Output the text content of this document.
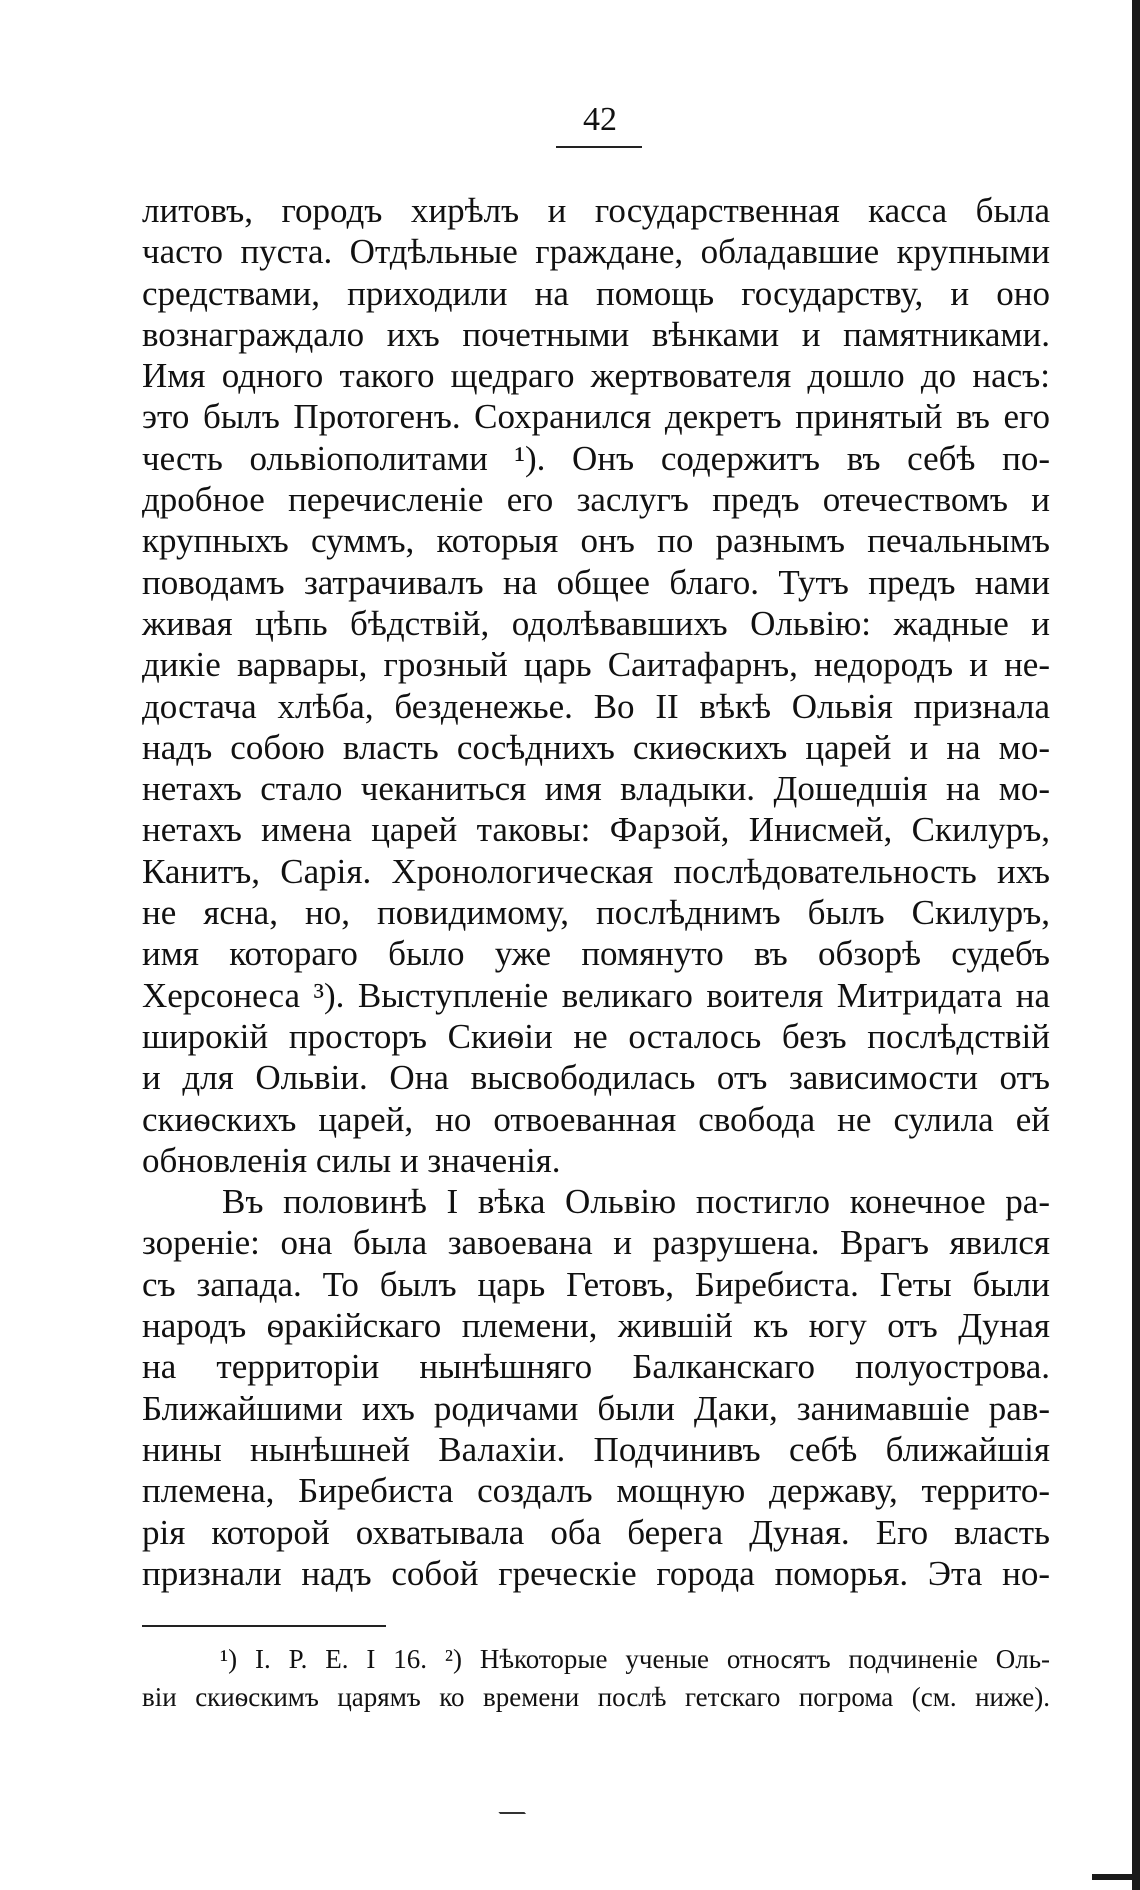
42
литовъ, городъ хирѣлъ и государственная касса была
часто пуста. Отдѣльные граждане, обладавшие крупными
средствами, приходили на помощь государству, и оно
вознаграждало ихъ почетными вѣнками и памятниками.
Имя одного такого щедраго жертвователя дошло до насъ:
это былъ Протогенъ. Сохранился декретъ принятый въ его
честь ольвіополитами ¹). Онъ содержитъ въ себѣ по-
дробное перечисленіе его заслугъ предъ отечествомъ и
крупныхъ суммъ, которыя онъ по разнымъ печальнымъ
поводамъ затрачивалъ на общее благо. Тутъ предъ нами
живая цѣпь бѣдствій, одолѣвавшихъ Ольвію: жадные и
дикіе варвары, грозный царь Саитафарнъ, недородъ и не-
достача хлѣба, безденежье. Во II вѣкѣ Ольвія признала
надъ собою власть сосѣднихъ скиѳскихъ царей и на мо-
нетахъ стало чеканиться имя владыки. Дошедшія на мо-
нетахъ имена царей таковы: Фарзой, Инисмей, Скилуръ,
Канитъ, Сарія. Хронологическая послѣдовательность ихъ
не ясна, но, повидимому, послѣднимъ былъ Скилуръ,
имя котораго было уже помянуто въ обзорѣ судебъ
Херсонеса ³). Выступленіе великаго воителя Митридата на
широкій просторъ Скиѳіи не осталось безъ послѣдствій
и для Ольвіи. Она высвободилась отъ зависимости отъ
скиѳскихъ царей, но отвоеванная свобода не сулила ей
обновленія силы и значенія.
Въ половинѣ I вѣка Ольвію постигло конечное ра-
зореніе: она была завоевана и разрушена. Врагъ явился
съ запада. То былъ царь Гетовъ, Биребиста. Геты были
народъ ѳракійскаго племени, жившій къ югу отъ Дуная
на территоріи нынѣшняго Балканскаго полуострова.
Ближайшими ихъ родичами были Даки, занимавшіе рав-
нины нынѣшней Валахіи. Подчинивъ себѣ ближайшія
племена, Биребиста создалъ мощную державу, террито-
рія которой охватывала оба берега Дуная. Его власть
признали надъ собой греческіе города поморья. Эта но-
¹) I. P. E. I 16. ²) Нѣкоторые ученые относятъ подчиненіе Оль-
віи скиѳскимъ царямъ ко времени послѣ гетскаго погрома (см. ниже).
